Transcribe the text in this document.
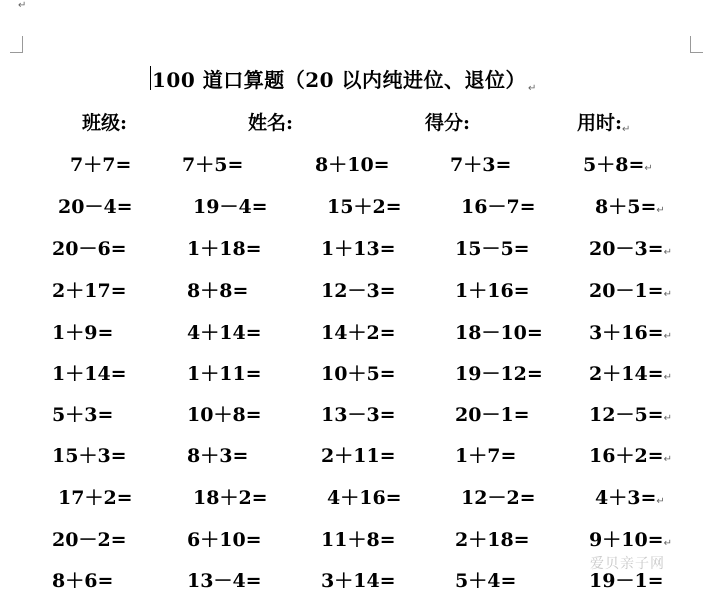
↵
100 道口算题（20 以内纯进位、退位） $_↵$
班级:	姓名:	得分:	用时:↵
7＋7=	7＋5=	8＋10=	7＋3=	5＋8=↵
20－4=	19－4=	15＋2=	16－7=	8＋5=↵
20－6=	1＋18=	1＋13=	15－5=	20－3=↵
2＋17=	8＋8=	12－3=	1＋16=	20－1=↵
1＋9=	4＋14=	14＋2=	18－10= 3＋16=↵
1＋14=	1＋11=	10＋5=	19－12= 2＋14=↵
5＋3=	10＋8=	13－3=	20－1=	12－5=↵
15＋3=	8＋3=	2＋11=	1＋7=	16＋2=↵
17＋2=	18＋2=	4＋16=	12－2=	4＋3=↵
20－2=	6＋10=	11＋8=	2＋18=	9＋10=↵
8＋6=	13－4=	3＋14=	5＋4=	19－1=
爱贝亲子网
